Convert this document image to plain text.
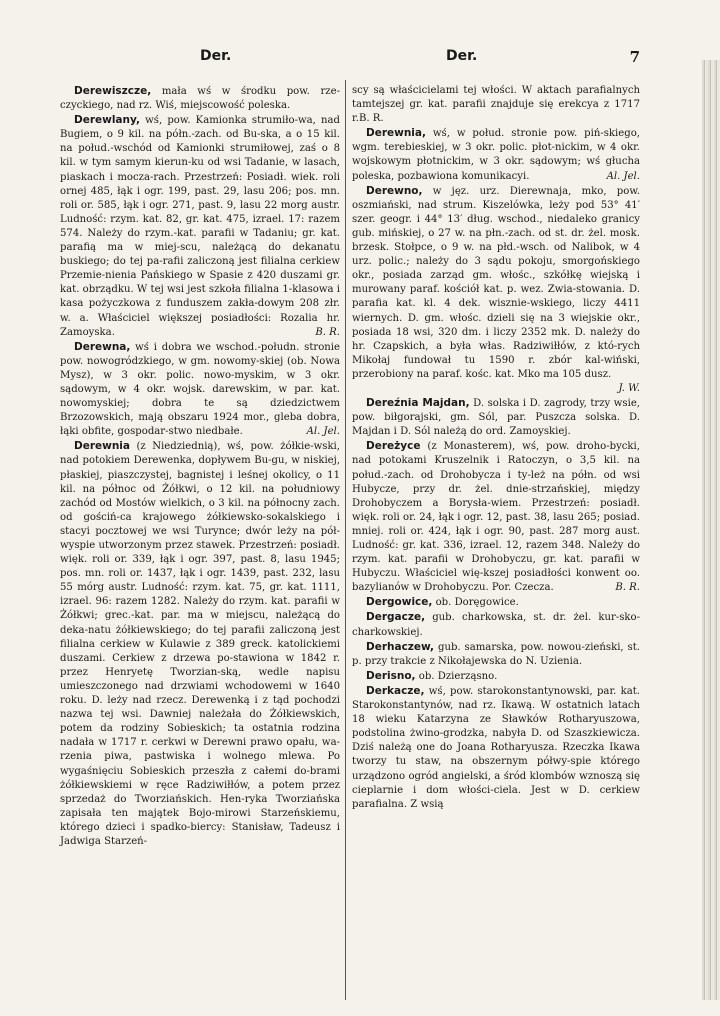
Der.	Der.	7

Derewiszcze, mała wś w środku pow. rze-czyckiego, nad rz. Wiś, miejscowość poleska.

Derewlany, wś, pow. Kamionka strumiło-wa, nad Bugiem, o 9 kil. na półn.-zach. od Bu-ska, a o 15 kil. na połud.-wschód od Kamionki strumiłowej, zaś o 8 kil. w tym samym kierun-ku od wsi Tadanie, w lasach, piaskach i mocza-rach. Przestrzeń: Posiadł. wiek. roli ornej 485, łąk i ogr. 199, past. 29, lasu 206; pos. mn. roli or. 585, łąk i ogr. 271, past. 9, lasu 22 morg austr. Ludność: rzym. kat. 82, gr. kat. 475, izrael. 17: razem 574. Należy do rzym.-kat. parafii w Tadaniu; gr. kat. parafią ma w miej-scu, należącą do dekanatu buskiego; do tej pa-rafii zaliczoną jest filialna cerkiew Przemie-nienia Pańskiego w Spasie z 420 duszami gr. kat. obrządku. W tej wsi jest szkoła filialna 1-klasowa i kasa pożyczkowa z funduszem zakła-dowym 208 złr. w. a. Właściciel większej posiadłości: Rozalia hr. Zamoyska.	B. R.

Derewna, wś i dobra we wschod.-połudn. stronie pow. nowogródzkiego, w gm. nowomy-skiej (ob. Nowa Mysz), w 3 okr. polic. nowo-myskim, w 3 okr. sądowym, w 4 okr. wojsk. darewskim, w par. kat. nowomyskiej; dobra te są dziedzictwem Brzozowskich, mają obszaru 1924 mor., gleba dobra, łąki obfite, gospodar-stwo niedbałe.	Al. Jel.

Derewnia (z Niedziednią), wś, pow. żółkie-wski, nad potokiem Derewenka, dopływem Bu-gu, w niskiej, płaskiej, piaszczystej, bagnistej i leśnej okolicy, o 11 kil. na północ od Żółkwi, o 12 kil. na południowy zachód od Mostów wielkich, o 3 kil. na północny zach. od gościń-ca krajowego żółkiewsko-sokalskiego i stacyi pocztowej we wsi Turynce; dwór leży na pół-wyspie utworzonym przez stawek. Przestrzeń: posiadł. więk. roli or. 339, łąk i ogr. 397, past. 8, lasu 1945; pos. mn. roli or. 1437, łąk i ogr. 1439, past. 232, lasu 55 mórg austr. Ludność: rzym. kat. 75, gr. kat. 1111, izrael. 96: razem 1282. Należy do rzym. kat. parafii w Żółkwi; grec.-kat. par. ma w miejscu, należącą do deka-natu żółkiewskiego; do tej parafii zaliczoną jest filialna cerkiew w Kulawie z 389 greck. katolickiemi duszami. Cerkiew z drzewa po-stawiona w 1842 r. przez Henryetę Tworzian-ską, wedle napisu umieszczonego nad drzwiami wchodowemi w 1640 roku. D. leży nad rzecz. Derewenką i z tąd pochodzi nazwa tej wsi. Dawniej należała do Żółkiewskich, potem da rodziny Sobieskich; ta ostatnia rodzina nadała w 1717 r. cerkwi w Derewni prawo opału, wa-rzenia piwa, pastwiska i wolnego mlewa. Po wygaśnięciu Sobieskich przeszła z całemi do-brami żółkiewskiemi w ręce Radziwiłłów, a potem przez sprzedaż do Tworziańskich. Hen-ryka Tworziańska zapisała ten majątek Bojo-mirowi Starzeńskiemu, którego dzieci i spadko-biercy: Stanisław, Tadeusz i Jadwiga Starzeń-

scy są właścicielami tej włości. W aktach parafialnych tamtejszej gr. kat. parafii znajduje się erekcya z 1717 r.B. R.

Derewnia, wś, w połud. stronie pow. piń-skiego, wgm. terebieskiej, w 3 okr. polic. płot-nickim, w 4 okr. wojskowym płotnickim, w 3 okr. sądowym; wś głucha poleska, pozbawiona komunikacyi.	Al. Jel.

Derewno, w jęz. urz. Dierewnaja, mko, pow. oszmiański, nad strum. Kiszelówka, leży pod 53° 41′ szer. geogr. i 44° 13′ dług. wschod., niedaleko granicy gub. mińskiej, o 27 w. na płn.-zach. od st. dr. żel. mosk. brzesk. Stołpce, o 9 w. na płd.-wsch. od Nalibok, w 4 urz. polic.; należy do 3 sądu pokoju, smorgońskiego okr., posiada zarząd gm. włośc., szkółkę wiejską i murowany paraf. kościół kat. p. wez. Zwia-stowania. D. parafia kat. kl. 4 dek. wisznie-wskiego, liczy 4411 wiernych. D. gm. włośc. dzieli się na 3 wiejskie okr., posiada 18 wsi, 320 dm. i liczy 2352 mk. D. należy do hr. Czapskich, a była włas. Radziwiłłów, z któ-rych Mikołaj fundował tu 1590 r. zbór kal-wiński, przerobiony na paraf. kośc. kat. Mko ma 105 dusz.
J. W.

Dereźnia Majdan, D. solska i D. zagrody, trzy wsie, pow. biłgorajski, gm. Sól, par. Puszcza solska. D. Majdan i D. Sól należą do ord. Zamoyskiej.

Dereżyce (z Monasterem), wś, pow. droho-bycki, nad potokami Kruszelnik i Ratoczyn, o 3,5 kil. na połud.-zach. od Drohobycza i ty-leż na półn. od wsi Hubycze, przy dr. żel. dnie-strzańskiej, między Drohobyczem a Borysła-wiem. Przestrzeń: posiadł. więk. roli or. 24, łąk i ogr. 12, past. 38, lasu 265; posiad. mniej. roli or. 424, łąk i ogr. 90, past. 287 morg aust. Ludność: gr. kat. 336, izrael. 12, razem 348. Należy do rzym. kat. parafii w Drohobyczu, gr. kat. parafii w Hubyczu. Właściciel wię-kszej posiadłości konwent oo. bazylianów w Drohobyczu. Por. Czecza.	B. R.

Dergowice, ob. Doręgowice.

Dergacze, gub. charkowska, st. dr. żel. kur-sko-charkowskiej.

Derhaczew, gub. samarska, pow. nowou-zieński, st. p. przy trakcie z Nikołajewska do N. Uzienia.

Derisno, ob. Dzierząsno.

Derkacze, wś, pow. starokonstantynowski, par. kat. Starokonstantynów, nad rz. Ikawą. W ostatnich latach 18 wieku Katarzyna ze Sławków Rotharyuszowa, podstolina żwino-grodzka, nabyła D. od Szaszkiewicza. Dziś należą one do Joana Rotharyusza. Rzeczka Ikawa tworzy tu staw, na obszernym półwy-spie którego urządzono ogród angielski, a śród klombów wznoszą się cieplarnie i dom włości-ciela. Jest w D. cerkiew parafialna. Z wsią
